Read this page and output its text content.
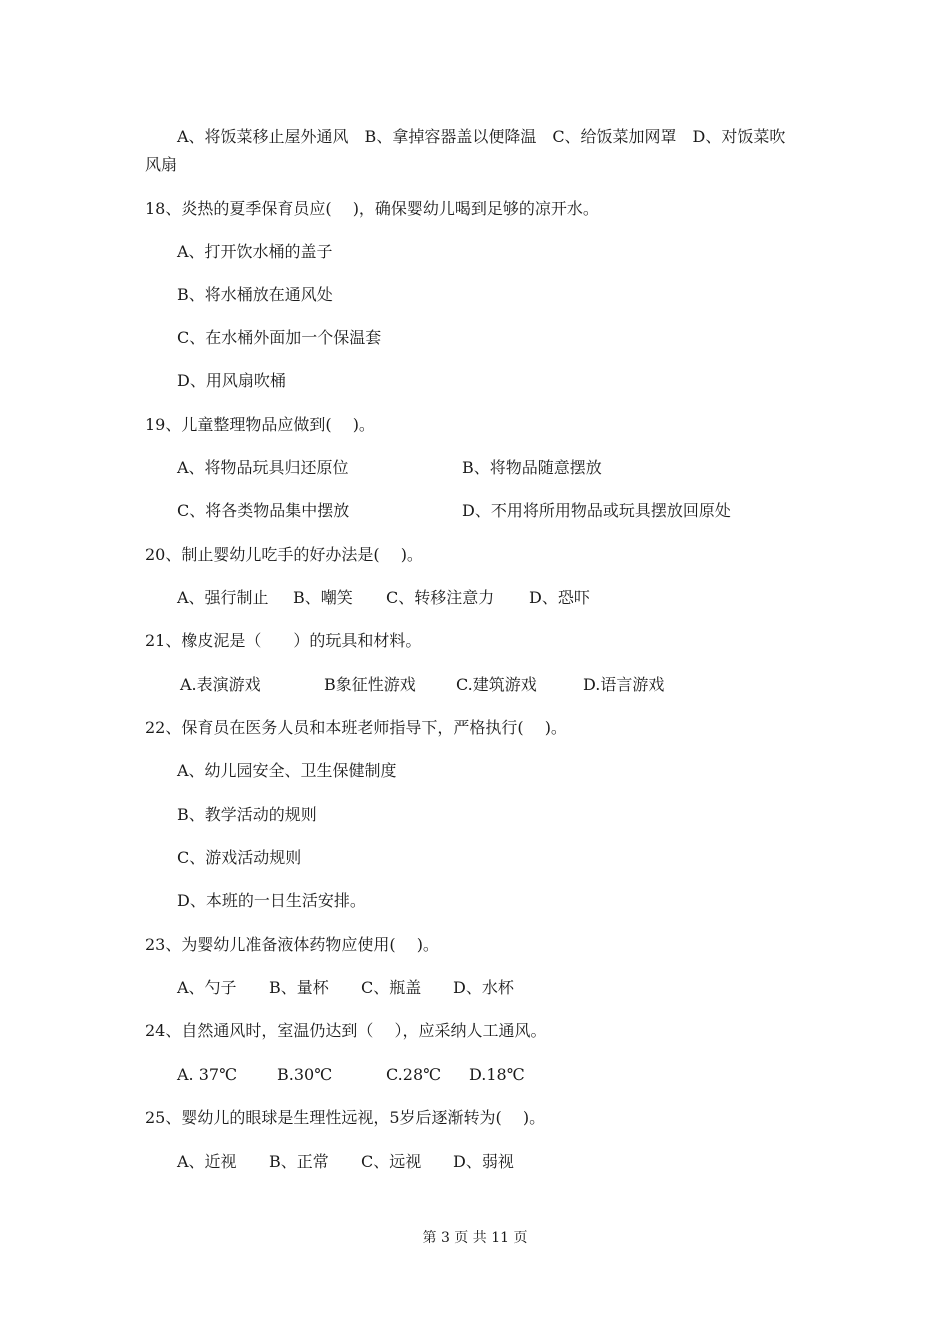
A、将饭菜移止屋外通风　B、拿掉容器盖以便降温　C、给饭菜加网罩　D、对饭菜吹
风扇
18、炎热的夏季保育员应(　 )，确保婴幼儿喝到足够的凉开水。
A、打开饮水桶的盖子
B、将水桶放在通风处
C、在水桶外面加一个保温套
D、用风扇吹桶
19、儿童整理物品应做到(　 )。
A、将物品玩具归还原位	B、将物品随意摆放
C、将各类物品集中摆放	D、不用将所用物品或玩具摆放回原处
20、制止婴幼儿吃手的好办法是(　 )。
A、强行制止 B、嘲笑 C、转移注意力 D、恐吓
21、橡皮泥是（　　）的玩具和材料。
A.表演游戏	B象征性游戏	C.建筑游戏	D.语言游戏
22、保育员在医务人员和本班老师指导下，严格执行(　 )。
A、幼儿园安全、卫生保健制度
B、教学活动的规则
C、游戏活动规则
D、本班的一日生活安排。
23、为婴幼儿准备液体药物应使用(　 )。
A、勺子 B、量杯 C、瓶盖 D、水杯
24、自然通风时，室温仍达到（　 ），应采纳人工通风。
A. 37℃	B.30℃	C.28℃ D.18℃
25、婴幼儿的眼球是生理性远视，5岁后逐渐转为(　 )。
A、近视 B、正常 C、远视 D、弱视
第 3 页 共 11 页
